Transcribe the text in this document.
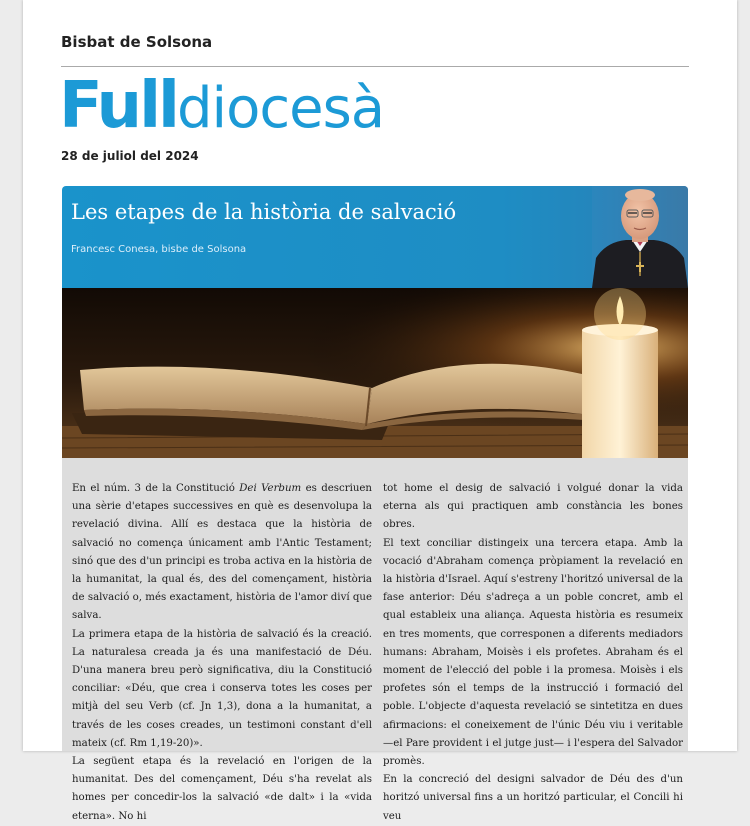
Bisbat de Solsona
Fulldiocesà
28 de juliol del 2024
Les etapes de la història de salvació
Francesc Conesa, bisbe de Solsona

En el núm. 3 de la Constitució Dei Verbum es descriuen una sèrie d'etapes successives en què es desenvolupa la revelació divina. Allí es destaca que la història de salvació no comença únicament amb l'Antic Testament; sinó que des d'un principi es troba activa en la història de la humanitat, la qual és, des del començament, història de salvació o, més exactament, història de l'amor diví que salva.

La primera etapa de la història de salvació és la creació. La naturalesa creada ja és una manifestació de Déu. D'una manera breu però significativa, diu la Constitució conciliar: «Déu, que crea i conserva totes les coses per mitjà del seu Verb (cf. Jn 1,3), dona a la humanitat, a través de les coses creades, un testimoni constant d'ell mateix (cf. Rm 1,19-20)».

La següent etapa és la revelació en l'origen de la humanitat. Des del començament, Déu s'ha revelat als homes per concedir-los la salvació «de dalt» i la «vida eterna». No hi

tot home el desig de salvació i volgué donar la vida eterna als qui practiquen amb constància les bones obres.

El text conciliar distingeix una tercera etapa. Amb la vocació d'Abraham comença pròpiament la revelació en la història d'Israel. Aquí s'estreny l'horitzó universal de la fase anterior: Déu s'adreça a un poble concret, amb el qual estableix una aliança. Aquesta història es resumeix en tres moments, que corresponen a diferents mediadors humans: Abraham, Moisès i els profetes. Abraham és el moment de l'elecció del poble i la promesa. Moisès i els profetes són el temps de la instrucció i formació del poble. L'objecte d'aquesta revelació se sintetitza en dues afirmacions: el coneixement de l'únic Déu viu i veritable —el Pare provident i el jutge just— i l'espera del Salvador promès.

En la concreció del designi salvador de Déu des d'un horitzó universal fins a un horitzó particular, el Concili hi veu
